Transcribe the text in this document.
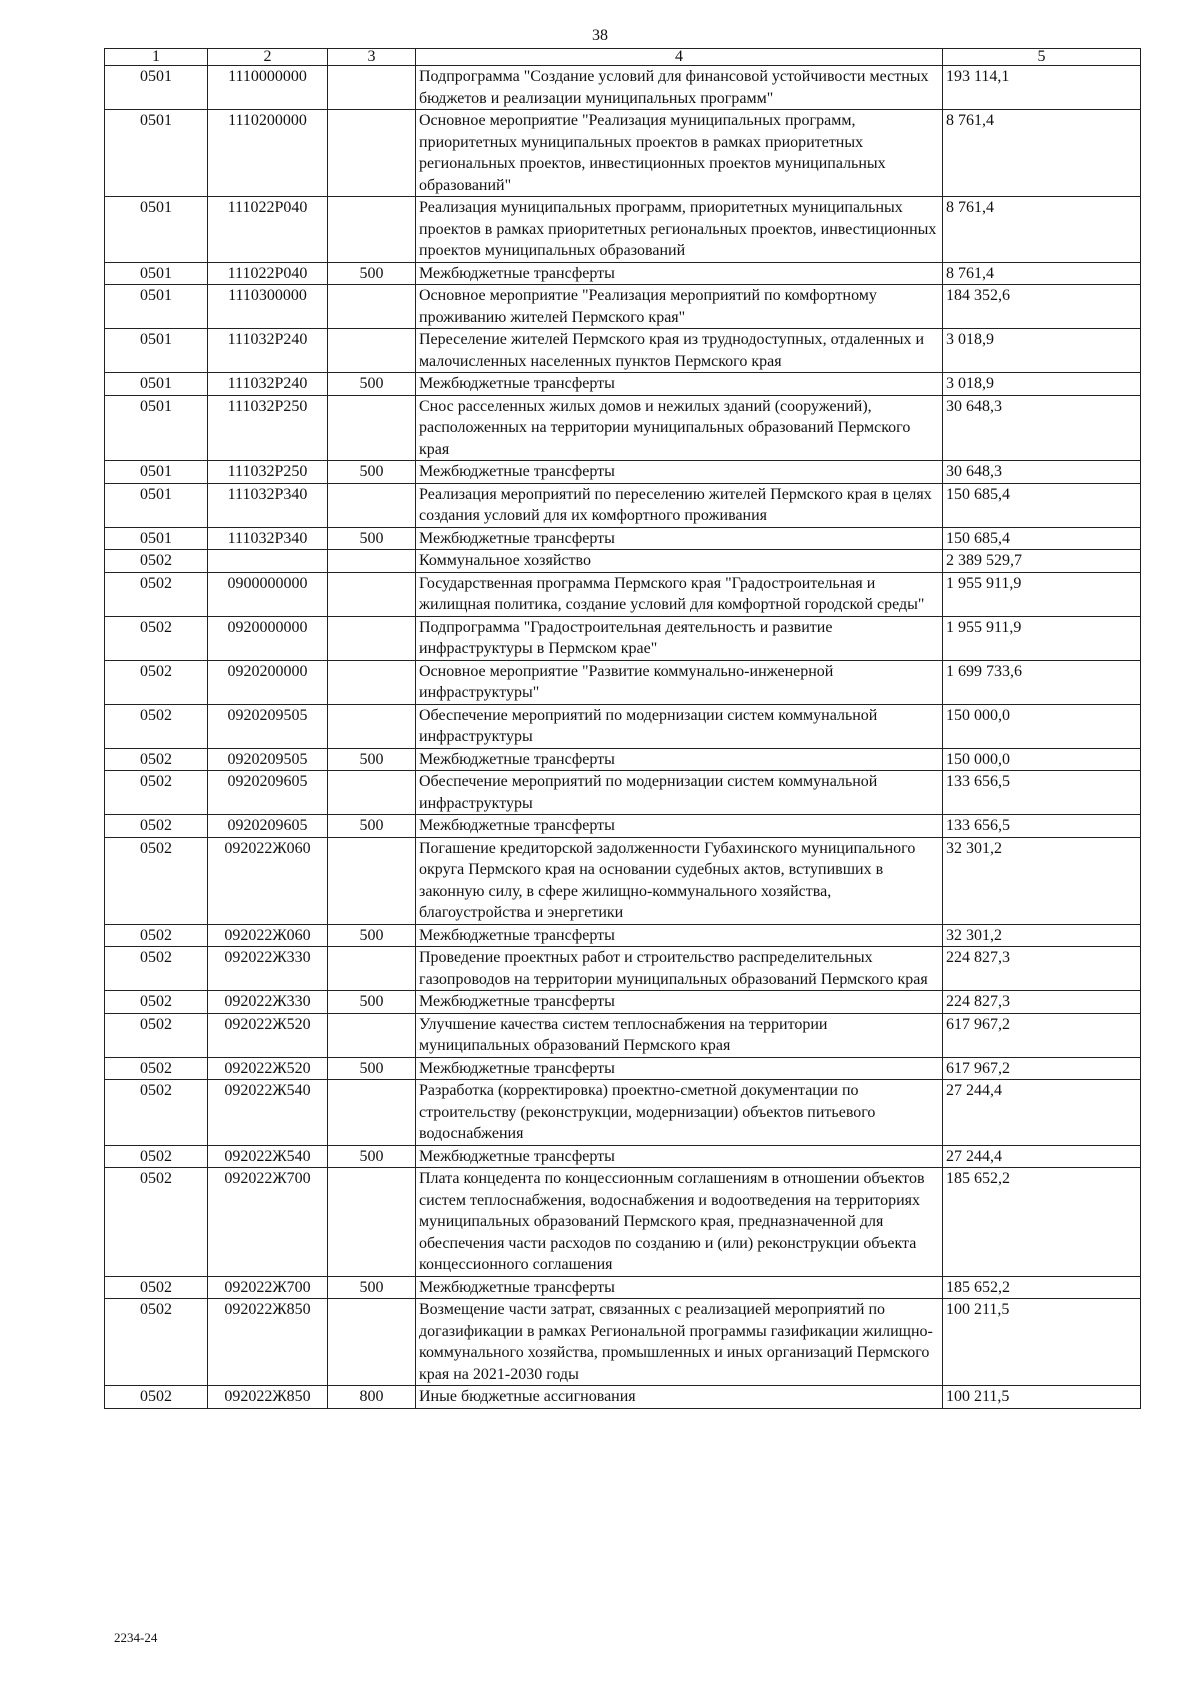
38
1	2	3	4	5
0501	1110000000		Подпрограмма "Создание условий для финансовой устойчивости местных бюджетов и реализации муниципальных программ"	193 114,1
0501	1110200000		Основное мероприятие "Реализация муниципальных программ, приоритетных муниципальных проектов в рамках приоритетных региональных проектов, инвестиционных проектов муниципальных образований"	8 761,4
0501	111022P040		Реализация муниципальных программ, приоритетных муниципальных проектов в рамках приоритетных региональных проектов, инвестиционных проектов муниципальных образований	8 761,4
0501	111022P040	500	Межбюджетные трансферты	8 761,4
0501	1110300000		Основное мероприятие "Реализация мероприятий по комфортному проживанию жителей Пермского края"	184 352,6
0501	111032P240		Переселение жителей Пермского края из труднодоступных, отдаленных и малочисленных населенных пунктов Пермского края	3 018,9
0501	111032P240	500	Межбюджетные трансферты	3 018,9
0501	111032P250		Снос расселенных жилых домов и нежилых зданий (сооружений), расположенных на территории муниципальных образований Пермского края	30 648,3
0501	111032P250	500	Межбюджетные трансферты	30 648,3
0501	111032P340		Реализация мероприятий по переселению жителей Пермского края в целях создания условий для их комфортного проживания	150 685,4
0501	111032P340	500	Межбюджетные трансферты	150 685,4
0502			Коммунальное хозяйство	2 389 529,7
0502	0900000000		Государственная программа Пермского края "Градостроительная и жилищная политика, создание условий для комфортной городской среды"	1 955 911,9
0502	0920000000		Подпрограмма "Градостроительная деятельность и развитие инфраструктуры в Пермском крае"	1 955 911,9
0502	0920200000		Основное мероприятие "Развитие коммунально-инженерной инфраструктуры"	1 699 733,6
0502	0920209505		Обеспечение мероприятий по модернизации систем коммунальной инфраструктуры	150 000,0
0502	0920209505	500	Межбюджетные трансферты	150 000,0
0502	0920209605		Обеспечение мероприятий по модернизации систем коммунальной инфраструктуры	133 656,5
0502	0920209605	500	Межбюджетные трансферты	133 656,5
0502	092022Ж060		Погашение кредиторской задолженности Губахинского муниципального округа Пермского края на основании судебных актов, вступивших в законную силу, в сфере жилищно-коммунального хозяйства, благоустройства и энергетики	32 301,2
0502	092022Ж060	500	Межбюджетные трансферты	32 301,2
0502	092022Ж330		Проведение проектных работ и строительство распределительных газопроводов на территории муниципальных образований Пермского края	224 827,3
0502	092022Ж330	500	Межбюджетные трансферты	224 827,3
0502	092022Ж520		Улучшение качества систем теплоснабжения на территории муниципальных образований Пермского края	617 967,2
0502	092022Ж520	500	Межбюджетные трансферты	617 967,2
0502	092022Ж540		Разработка (корректировка) проектно-сметной документации по строительству (реконструкции, модернизации) объектов питьевого водоснабжения	27 244,4
0502	092022Ж540	500	Межбюджетные трансферты	27 244,4
0502	092022Ж700		Плата концедента по концессионным соглашениям в отношении объектов систем теплоснабжения, водоснабжения и водоотведения на территориях муниципальных образований Пермского края, предназначенной для обеспечения части расходов по созданию и (или) реконструкции объекта концессионного соглашения	185 652,2
0502	092022Ж700	500	Межбюджетные трансферты	185 652,2
0502	092022Ж850		Возмещение части затрат, связанных с реализацией мероприятий по догазификации в рамках Региональной программы газификации жилищно-коммунального хозяйства, промышленных и иных организаций Пермского края на 2021-2030 годы	100 211,5
0502	092022Ж850	800	Иные бюджетные ассигнования	100 211,5
2234-24
